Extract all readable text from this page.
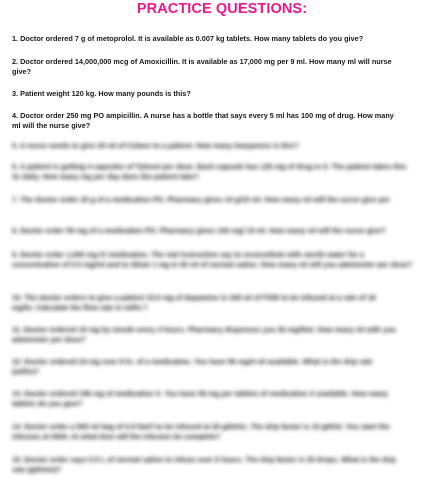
PRACTICE QUESTIONS:
1. Doctor ordered 7 g of metoprolol. It is available as 0.007 kg tablets. How many tablets do you give?
2. Doctor ordered 14,000,000 mcg of Amoxicillin. It is available as 17,000 mg per 9 ml. How many ml will nurse
give?
3. Patient weight 120 kg. How many pounds is this?
4. Doctor order 250 mg PO ampicillin. A nurse has a bottle that says every 5 ml has 100 mg of drug. How many
ml will the nurse give?
5. A nurse needs to give 30 ml of Colace to a patient. How many teaspoons is this?
6. A patient is getting 4 capsules of Tylenol per dose. Each capsule has 125 mg of drug in it. The patient takes this
3x daily. How many mg per day does the patient take?
7. The doctor order 20 g of a medication PO. Pharmacy gives 10 g/15 ml. How many ml will the nurse give per
8. Doctor order 50 mg of a medication PO. Pharmacy gives 100 mg/ 15 ml. How many ml will the nurse give?
9. Doctor order 1,000 mg IV medication. The vial instruction say to reconstitute with sterile water for a
concentration of 0.5 mg/ml and to dilute 1 mg in 50 ml of normal saline. How many ml will you administer per dose?
10. The doctor orders to give a patient 15.6 mg of dopamine in 345 ml of FSW to be infused at a rate of 18
mg/hr. Calculate the flow rate in ml/hr.?
11. Doctor ordered 15 mg by mouth every 4 hours. Pharmacy dispenses you 30 mg/5ml. How many ml with you
administer per dose?
12. Doctor ordered 24 mg over 8 hr. of a medication. You have 96 mg/4 ml available. What is the drip rate
(ml/hr)?
13. Doctor ordered 196 mg of medication X. You have 56 mg per tablets of medication X available. How many
tablets do you give?
14. Doctor order a 500 ml bag of 0.9 NaCl to be infused at 20 gtt/min. The drip factor is 10 gtt/ml. You start the
infusion at 0500. At what time will the infusion be complete?
15. Doctor order says 0.5 L of normal saline to infuse over 6 hours. The drip factor is 30 drops. What is the drip
rate (gtt/min)?
